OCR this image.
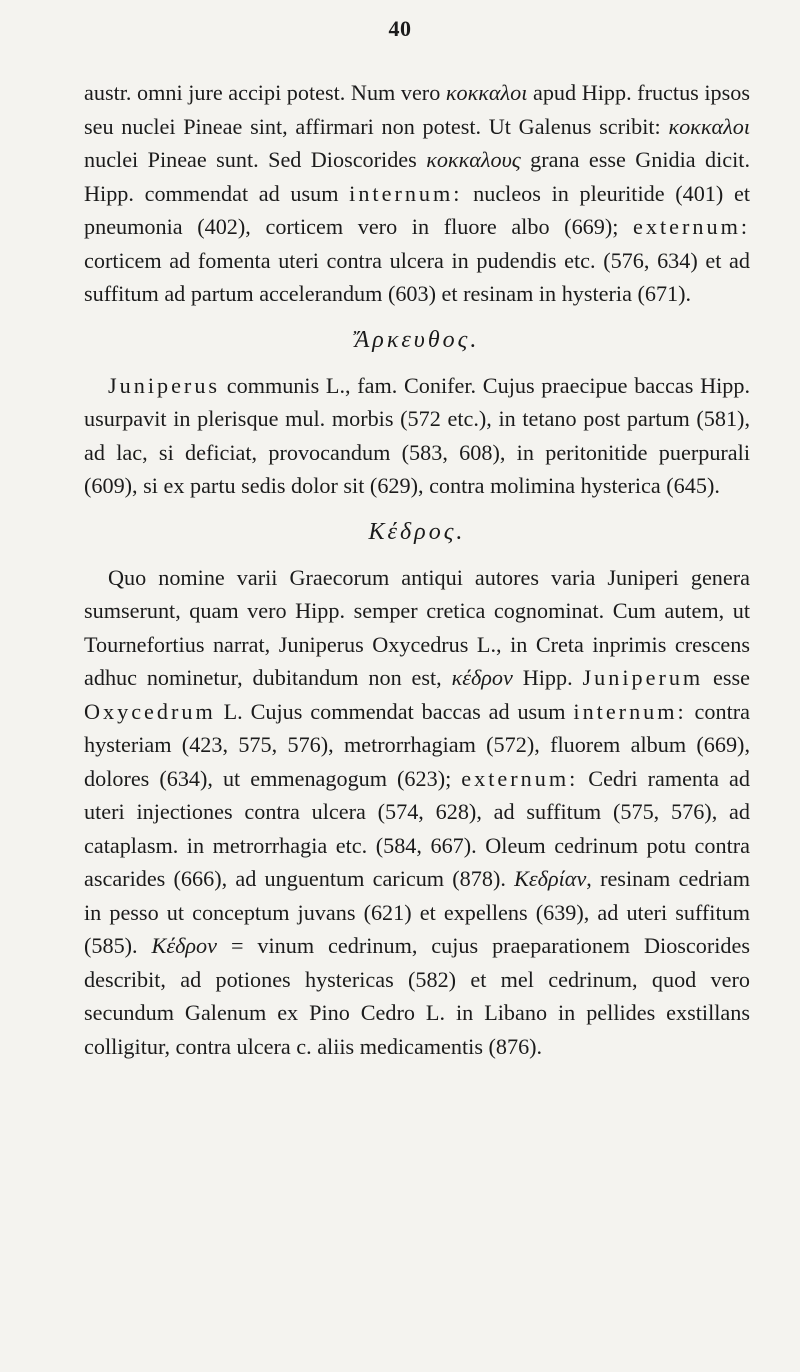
40

austr. omni jure accipi potest. Num vero κοκκαλοι apud Hipp. fructus ipsos seu nuclei Pineae sint, affirmari non potest. Ut Galenus scribit: κοκκαλοι nuclei Pineae sunt. Sed Dioscorides κοκκαλους grana esse Gnidia dicit. Hipp. commendat ad usum internum: nucleos in pleuritide (401) et pneumonia (402), corticem vero in fluore albo (669); externum: corticem ad fomenta uteri contra ulcera in pudendis etc. (576, 634) et ad suffitum ad partum accelerandum (603) et resinam in hysteria (671).

Ἄρκευθος.

Juniperus communis L., fam. Conifer. Cujus praecipue baccas Hipp. usurpavit in plerisque mul. morbis (572 etc.), in tetano post partum (581), ad lac, si deficiat, provocandum (583, 608), in peritonitide puerpurali (609), si ex partu sedis dolor sit (629), contra molimina hysterica (645).

Κέδρος.

Quo nomine varii Graecorum antiqui autores varia Juniperi genera sumserunt, quam vero Hipp. semper cretica cognominat. Cum autem, ut Tournefortius narrat, Juniperus Oxycedrus L., in Creta inprimis crescens adhuc nominetur, dubitandum non est, κέδρον Hipp. Juniperum esse Oxycedrum L. Cujus commendat baccas ad usum internum: contra hysteriam (423, 575, 576), metrorrhagiam (572), fluorem album (669), dolores (634), ut emmenagogum (623); externum: Cedri ramenta ad uteri injectiones contra ulcera (574, 628), ad suffitum (575, 576), ad cataplasm. in metrorrhagia etc. (584, 667). Oleum cedrinum potu contra ascarides (666), ad unguentum caricum (878). Κεδρίαν, resinam cedriam in pesso ut conceptum juvans (621) et expellens (639), ad uteri suffitum (585). Κέδρον = vinum cedrinum, cujus praeparationem Dioscorides describit, ad potiones hystericas (582) et mel cedrinum, quod vero secundum Galenum ex Pino Cedro L. in Libano in pellides exstillans colligitur, contra ulcera c. aliis medicamentis (876).
